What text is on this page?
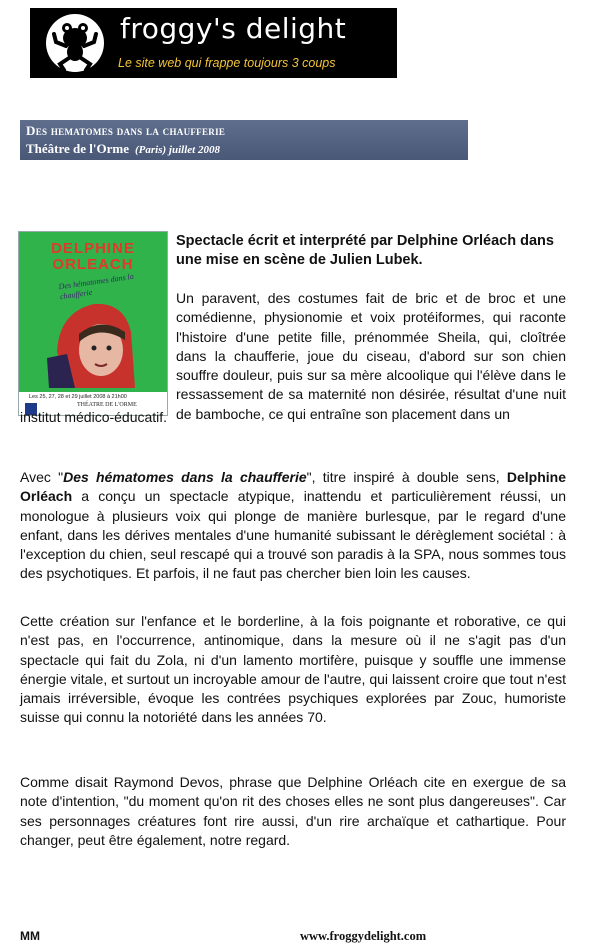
froggy's delight
Le site web qui frappe toujours 3 coups
Des hematomes dans la chaufferie
Théâtre de l'Orme (Paris) juillet 2008
DELPHINE
ORLEACH
Des hématomes dans la chaufferie
Les 25, 27, 28 et 29 juillet 2008 à 21h00
THÉATRE DE L'ORME
Spectacle écrit et interprété par Delphine Orléach dans une mise en scène de Julien Lubek.
Un paravent, des costumes fait de bric et de broc et une comédienne, physionomie et voix protéiformes, qui raconte l'histoire d'une petite fille, prénommée Sheila, qui, cloîtrée dans la chaufferie, joue du ciseau, d'abord sur son chien souffre douleur, puis sur sa mère alcoolique qui l'élève dans le ressassement de sa maternité non désirée, résultat d'une nuit de bamboche, ce qui entraîne son placement dans un
institut médico-éducatif.
Avec "Des hématomes dans la chaufferie", titre inspiré à double sens, Delphine Orléach a conçu un spectacle atypique, inattendu et particulièrement réussi, un monologue à plusieurs voix qui plonge de manière burlesque, par le regard d'une enfant, dans les dérives mentales d'une humanité subissant le dérèglement sociétal : à l'exception du chien, seul rescapé qui a trouvé son paradis à la SPA, nous sommes tous des psychotiques. Et parfois, il ne faut pas chercher bien loin les causes.
Cette création sur l'enfance et le borderline, à la fois poignante et roborative, ce qui n'est pas, en l'occurrence, antinomique, dans la mesure où il ne s'agit pas d'un spectacle qui fait du Zola, ni d'un lamento mortifère, puisque y souffle une immense énergie vitale, et surtout un incroyable amour de l'autre, qui laissent croire que tout n'est jamais irréversible, évoque les contrées psychiques explorées par Zouc, humoriste suisse qui connu la notoriété dans les années 70.
Comme disait Raymond Devos, phrase que Delphine Orléach cite en exergue de sa note d'intention, "du moment qu'on rit des choses elles ne sont plus dangereuses". Car ses personnages créatures font rire aussi, d'un rire archaïque et cathartique. Pour changer, peut être également, notre regard.
MM	www.froggydelight.com
